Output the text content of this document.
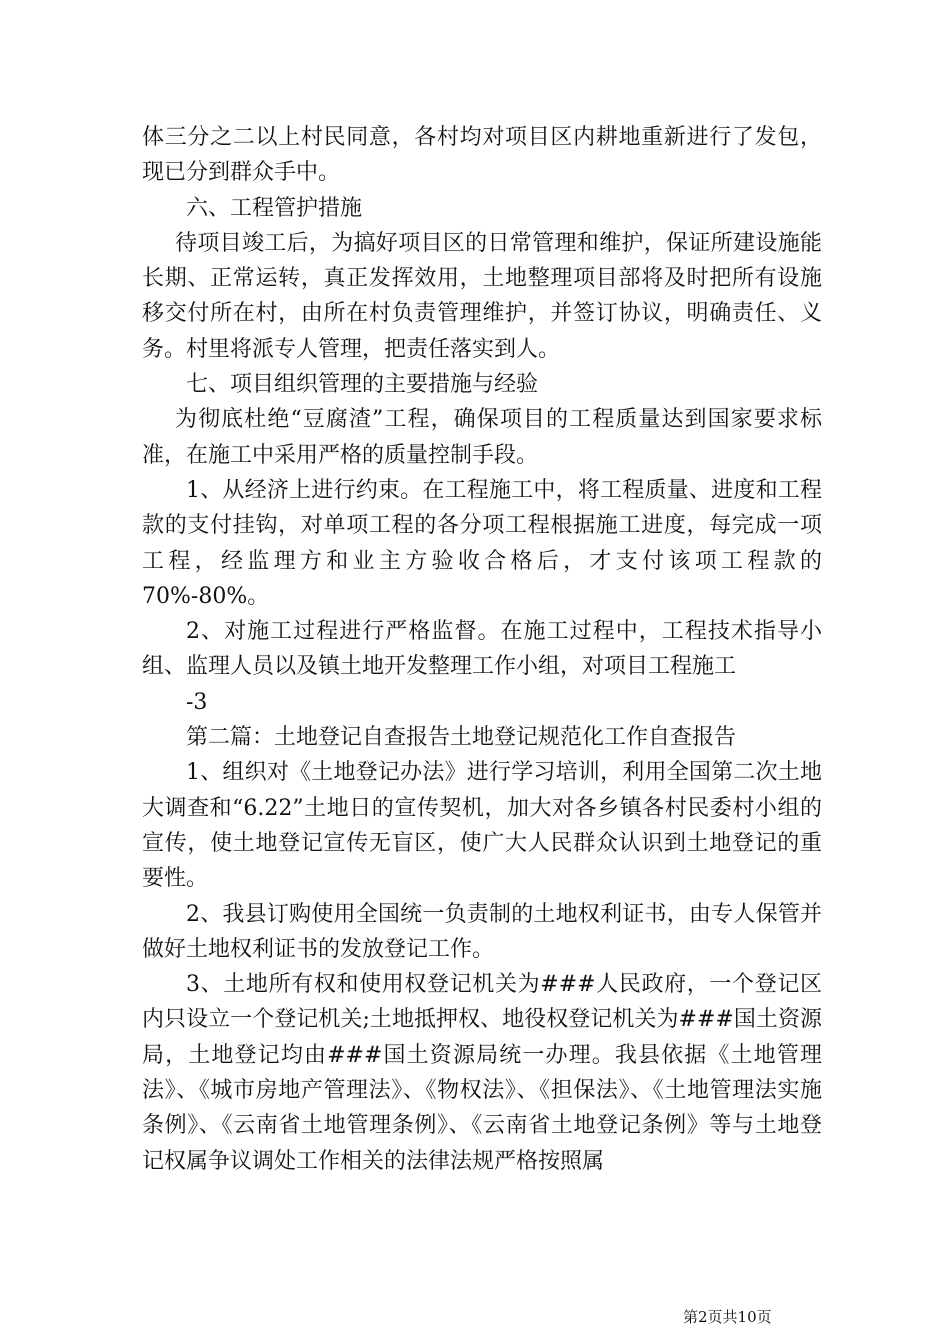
体三分之二以上村民同意，各村均对项目区内耕地重新进行了发包，现已分到群众手中。

六、工程管护措施

待项目竣工后，为搞好项目区的日常管理和维护，保证所建设施能长期、正常运转，真正发挥效用，土地整理项目部将及时把所有设施移交付所在村，由所在村负责管理维护，并签订协议，明确责任、义务。村里将派专人管理，把责任落实到人。

七、项目组织管理的主要措施与经验

为彻底杜绝“豆腐渣”工程，确保项目的工程质量达到国家要求标准，在施工中采用严格的质量控制手段。

1、从经济上进行约束。在工程施工中，将工程质量、进度和工程款的支付挂钩，对单项工程的各分项工程根据施工进度，每完成一项工程，经监理方和业主方验收合格后，才支付该项工程款的70%-80%。

2、对施工过程进行严格监督。在施工过程中，工程技术指导小组、监理人员以及镇土地开发整理工作小组，对项目工程施工

-3

第二篇：土地登记自查报告土地登记规范化工作自查报告

1、组织对《土地登记办法》进行学习培训，利用全国第二次土地大调查和“6.22”土地日的宣传契机，加大对各乡镇各村民委村小组的宣传，使土地登记宣传无盲区，使广大人民群众认识到土地登记的重要性。

2、我县订购使用全国统一负责制的土地权利证书，由专人保管并做好土地权利证书的发放登记工作。

3、土地所有权和使用权登记机关为###人民政府，一个登记区内只设立一个登记机关;土地抵押权、地役权登记机关为###国土资源局，土地登记均由###国土资源局统一办理。我县依据《土地管理法》、《城市房地产管理法》、《物权法》、《担保法》、《土地管理法实施条例》、《云南省土地管理条例》、《云南省土地登记条例》等与土地登记权属争议调处工作相关的法律法规严格按照属

第2页共10页
